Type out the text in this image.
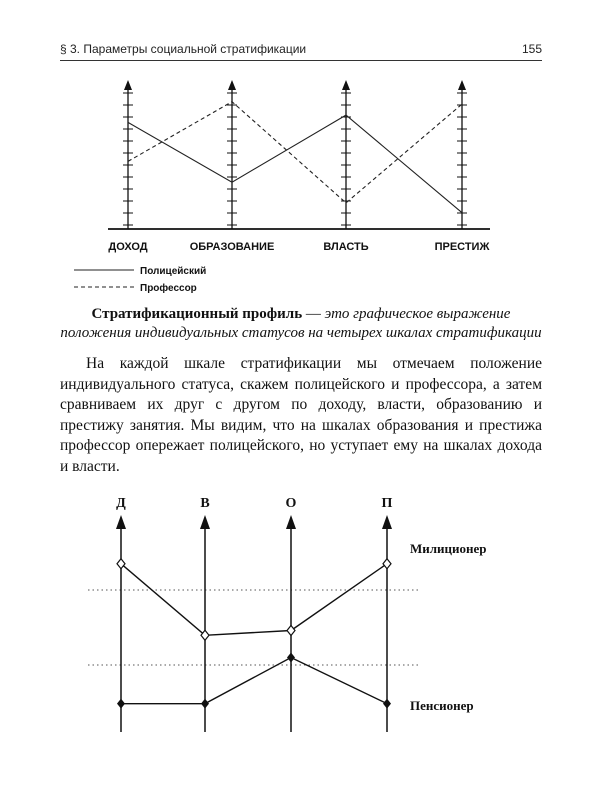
§ 3. Параметры социальной стратификации	155
ДОХОД	ОБРАЗОВАНИЕ	ВЛАСТЬ	ПРЕСТИЖ
Полицейский
Профессор
Д	В	О	П
Милиционер
Пенсионер
Стратификационный профиль — это графическое выражение положения индивидуальных статусов на четырех шкалах стратификации

На каждой шкале стратификации мы отмечаем положение индивидуального статуса, скажем полицейского и профессора, а затем сравниваем их друг с другом по доходу, власти, образованию и престижу занятия. Мы видим, что на шкалах образования и престижа профессор опережает полицейского, но уступает ему на шкалах дохода и власти.
